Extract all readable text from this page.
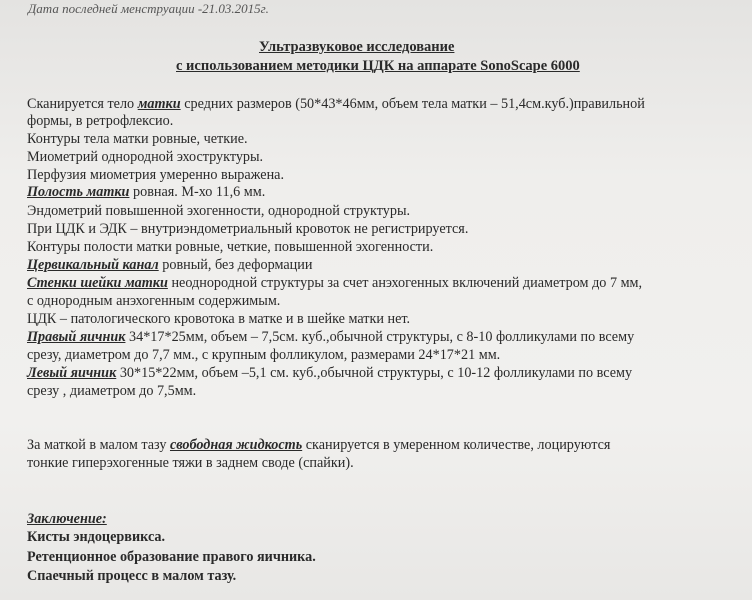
Дата последней менструации -21.03.2015г.
Ультразвуковое исследование
с использованием методики ЦДК на аппарате SonoScape 6000
Сканируется тело матки средних размеров (50*43*46мм, объем тела матки – 51,4см.куб.)правильной
формы, в ретрофлексио.
Контуры тела матки ровные, четкие.
Миометрий однородной эхоструктуры.
Перфузия миометрия умеренно выражена.
Полость матки ровная. М-хо 11,6 мм.
Эндометрий повышенной эхогенности, однородной структуры.
При ЦДК и ЭДК – внутриэндометриальный кровоток не регистрируется.
Контуры полости матки ровные, четкие, повышенной эхогенности.
Цервикальный канал ровный, без деформации
Стенки шейки матки неоднородной структуры за счет анэхогенных включений диаметром до 7 мм,
с однородным анэхогенным содержимым.
ЦДК – патологического кровотока в матке и в шейке матки нет.
Правый яичник 34*17*25мм, объем – 7,5см. куб.,обычной структуры, с 8-10 фолликулами по всему
срезу, диаметром до 7,7 мм., с крупным фолликулом, размерами 24*17*21 мм.
Левый яичник 30*15*22мм, объем –5,1 см. куб.,обычной структуры, с 10-12 фолликулами по всему
срезу , диаметром до 7,5мм.
За маткой в малом тазу свободная жидкость сканируется в умеренном количестве, лоцируются
тонкие гиперэхогенные тяжи в заднем своде (спайки).
Заключение:
Кисты эндоцервикса.
Ретенционное образование правого яичника.
Спаечный процесс в малом тазу.
